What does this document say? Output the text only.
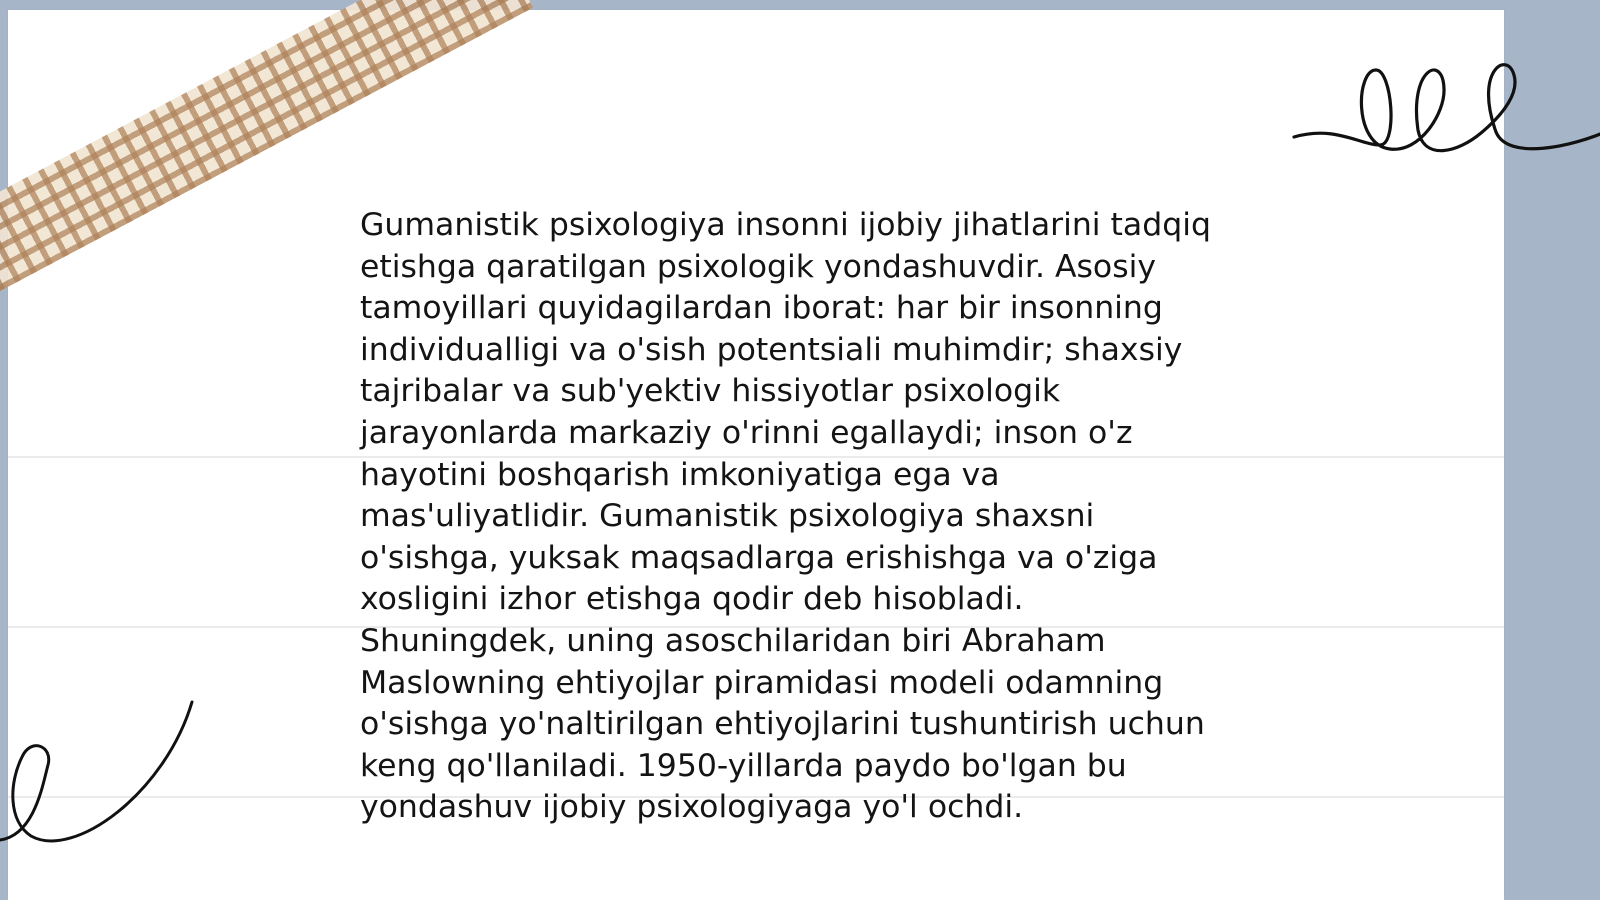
Gumanistik psixologiya insonni ijobiy jihatlarini tadqiq
etishga qaratilgan psixologik yondashuvdir. Asosiy
tamoyillari quyidagilardan iborat: har bir insonning
individualligi va o'sish potentsiali muhimdir; shaxsiy
tajribalar va sub'yektiv hissiyotlar psixologik
jarayonlarda markaziy o'rinni egallaydi; inson o'z
hayotini boshqarish imkoniyatiga ega va
mas'uliyatlidir. Gumanistik psixologiya shaxsni
o'sishga, yuksak maqsadlarga erishishga va o'ziga
xosligini izhor etishga qodir deb hisobladi.
Shuningdek, uning asoschilaridan biri Abraham
Maslowning ehtiyojlar piramidasi modeli odamning
o'sishga yo'naltirilgan ehtiyojlarini tushuntirish uchun
keng qo'llaniladi. 1950-yillarda paydo bo'lgan bu
yondashuv ijobiy psixologiyaga yo'l ochdi.
